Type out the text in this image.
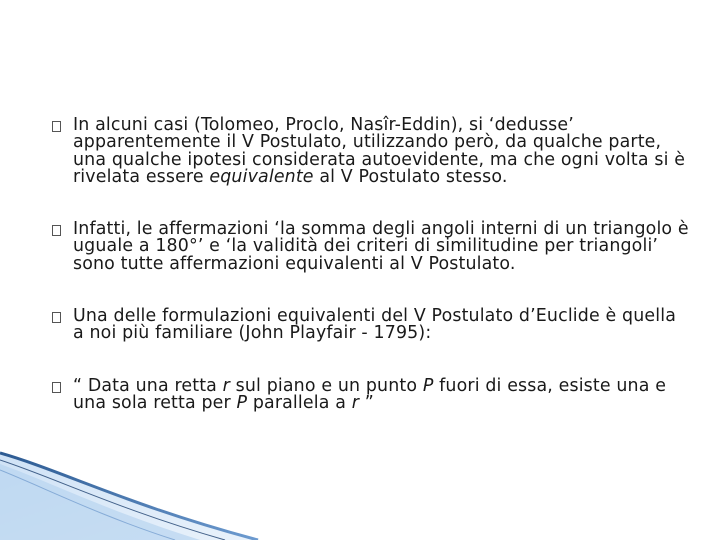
In alcuni casi (Tolomeo, Proclo, Nasîr-Eddin), si ‘dedusse’ apparentemente il V Postulato, utilizzando però, da qualche parte, una qualche ipotesi considerata autoevidente, ma che ogni volta si è rivelata essere equivalente al V Postulato stesso.
Infatti, le affermazioni ‘la somma degli angoli interni di un triangolo è uguale a 180°’ e ‘la validità dei criteri di similitudine per triangoli’ sono tutte affermazioni equivalenti al V Postulato.
Una delle formulazioni equivalenti del V Postulato d’Euclide è quella a noi più familiare (John Playfair - 1795):
“ Data una retta r sul piano e un punto P fuori di essa, esiste una e una sola retta per P parallela a r ”
